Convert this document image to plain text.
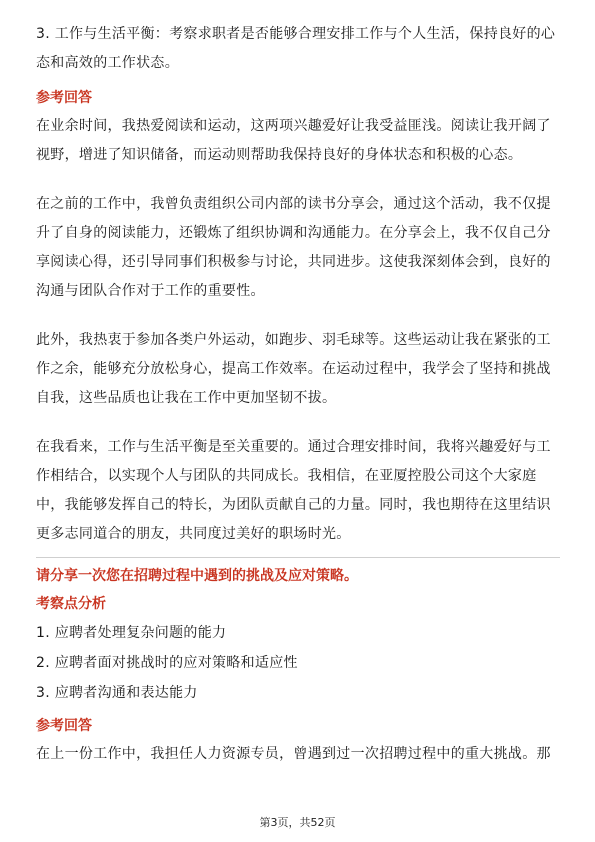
3. 工作与生活平衡：考察求职者是否能够合理安排工作与个人生活，保持良好的心态和高效的工作状态。

参考回答

在业余时间，我热爱阅读和运动，这两项兴趣爱好让我受益匪浅。阅读让我开阔了视野，增进了知识储备，而运动则帮助我保持良好的身体状态和积极的心态。

在之前的工作中，我曾负责组织公司内部的读书分享会，通过这个活动，我不仅提升了自身的阅读能力，还锻炼了组织协调和沟通能力。在分享会上，我不仅自己分享阅读心得，还引导同事们积极参与讨论，共同进步。这使我深刻体会到，良好的沟通与团队合作对于工作的重要性。

此外，我热衷于参加各类户外运动，如跑步、羽毛球等。这些运动让我在紧张的工作之余，能够充分放松身心，提高工作效率。在运动过程中，我学会了坚持和挑战自我，这些品质也让我在工作中更加坚韧不拔。

在我看来，工作与生活平衡是至关重要的。通过合理安排时间，我将兴趣爱好与工作相结合，以实现个人与团队的共同成长。我相信，在亚厦控股公司这个大家庭中，我能够发挥自己的特长，为团队贡献自己的力量。同时，我也期待在这里结识更多志同道合的朋友，共同度过美好的职场时光。

请分享一次您在招聘过程中遇到的挑战及应对策略。

考察点分析

1. 应聘者处理复杂问题的能力

2. 应聘者面对挑战时的应对策略和适应性

3. 应聘者沟通和表达能力

参考回答

在上一份工作中，我担任人力资源专员，曾遇到过一次招聘过程中的重大挑战。那

第3页，共52页
